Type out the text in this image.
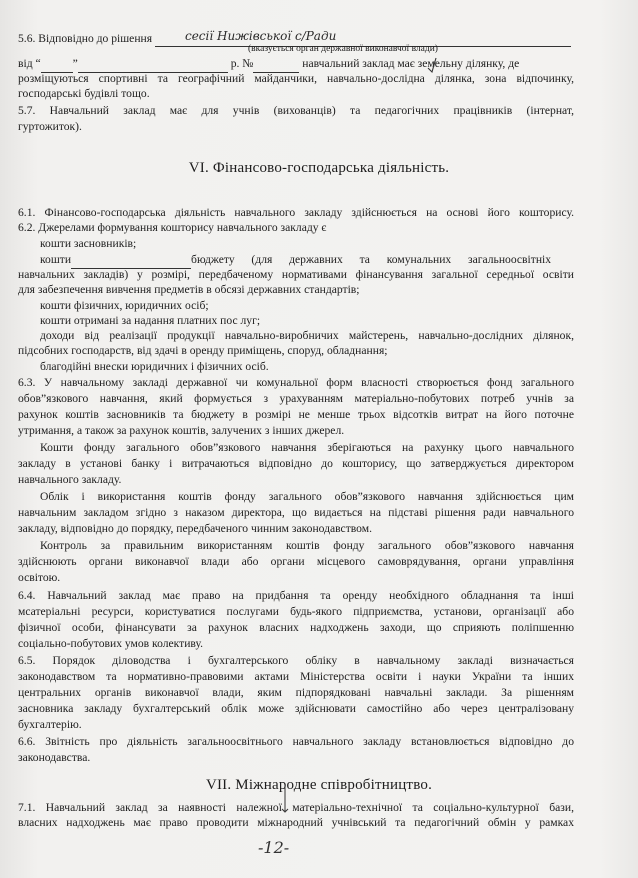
5.6. Відповідно до рішення	сесії Нижівської с/Ради
(вказується орган державної виконавчої влади)
від “	”	р. №	навчальний заклад має земельну ділянку, де
розміщуються спортивні та географічний майданчики, навчально-дослідна ділянка, зона відпочинку,
господарські будівлі тощо.
5.7. Навчальний заклад має для учнів (вихованців) та педагогічних працівників (інтернат,
гуртожиток).
VI. Фінансово-господарська діяльність.
6.1. Фінансово-господарська діяльність навчального закладу здійснюється на основі його кошторису.
6.2. Джерелами формування кошторису навчального закладу є
кошти засновників;
кошти	бюджету (для державних та комунальних загальноосвітніх
навчальних закладів) у розмірі, передбаченому нормативами фінансування загальної середньої освіти
для забезпечення вивчення предметів в обсязі державних стандартів;
кошти фізичних, юридичних осіб;
кошти отримані за надання платних пос луг;
доходи від реалізації продукції навчально-виробничих майстерень, навчально-дослідних ділянок,
підсобних господарств, від здачі в оренду приміщень, споруд, обладнання;
благодійні внески юридичних і фізичних осіб.
6.3. У навчальному закладі державної чи комунальної форм власності створюється фонд загального
обов”язкового навчання, який формується з урахуванням матеріально-побутових потреб учнів за
рахунок коштів засновників та бюджету в розмірі не менше трьох відсотків витрат на його поточне
утримання, а також за рахунок коштів, залучених з інших джерел.
Кошти фонду загального обов”язкового навчання зберігаються на рахунку цього навчального
закладу в установі банку і витрачаються відповідно до кошторису, що затверджується директором
навчального закладу.
Облік і використання коштів фонду загального обов”язкового навчання здійснюється цим
навчальним закладом згідно з наказом директора, що видається на підставі рішення ради навчального
закладу, відповідно до порядку, передбаченого чинним законодавством.
Контроль за правильним використанням коштів фонду загального обов”язкового навчання
здійснюють органи виконавчої влади або органи місцевого самоврядування, органи управління
освітою.
6.4. Навчальний заклад має право на придбання та оренду необхідного обладнання та інші
мсатеріальні ресурси, користуватися послугами будь-якого підприємства, установи, організації або
фізичної особи, фінансувати за рахунок власних надходжень заходи, що сприяють поліпшенню
соціально-побутових умов колективу.
6.5. Порядок діловодства і бухгалтерського обліку в навчальному закладі визначається
законодавством та нормативно-правовими актами Міністерства освіти і науки України та інших
центральних органів виконавчої влади, яким підпорядковані навчальні заклади. За рішенням
засновника закладу бухгалтерський облік може здійснювати самостійно або через централізовану
бухгалтерію.
6.6. Звітність про діяльність загальноосвітнього навчального закладу встановлюється відповідно до
законодавства.
VII. Міжнародне співробітництво.
7.1. Навчальний заклад за наявності належної матеріально-технічної та соціально-культурної бази,
власних надходжень має право проводити міжнародний учнівський та педагогічний обмін у рамках
-12-
